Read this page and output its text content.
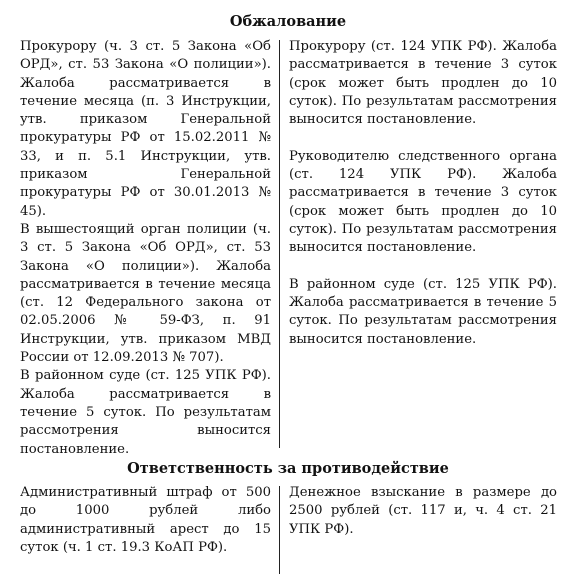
Обжалование

Прокурору (ч. 3 ст. 5 Закона «Об ОРД», ст. 53 Закона «О полиции»). Жалоба рассматривается в течение месяца (п. 3 Инструкции, утв. приказом Генеральной прокуратуры РФ от 15.02.2011 № 33, и п. 5.1 Инструкции, утв. приказом Генеральной прокуратуры РФ от 30.01.2013 № 45).

В вышестоящий орган полиции (ч. 3 ст. 5 Закона «Об ОРД», ст. 53 Закона «О полиции»). Жалоба рассматривается в течение месяца (ст. 12 Федерального закона от 02.05.2006 № 59-ФЗ, п. 91 Инструкции, утв. приказом МВД России от 12.09.2013 № 707).

В районном суде (ст. 125 УПК РФ). Жалоба рассматривается в течение 5 суток. По результатам рассмотрения выносится постановление.

Прокурору (ст. 124 УПК РФ). Жалоба рассматривается в течение 3 суток (срок может быть продлен до 10 суток). По результатам рассмотрения выносится постановление.

Руководителю следственного органа (ст. 124 УПК РФ). Жалоба рассматривается в течение 3 суток (срок может быть продлен до 10 суток). По результатам рассмотрения выносится постановление.

В районном суде (ст. 125 УПК РФ). Жалоба рассматривается в течение 5 суток. По результатам рассмотрения выносится постановление.

Ответственность за противодействие

Административный штраф от 500 до 1000 рублей либо административный арест до 15 суток (ч. 1 ст. 19.3 КоАП РФ).

Денежное взыскание в размере до 2500 рублей (ст. 117 и, ч. 4 ст. 21 УПК РФ).
